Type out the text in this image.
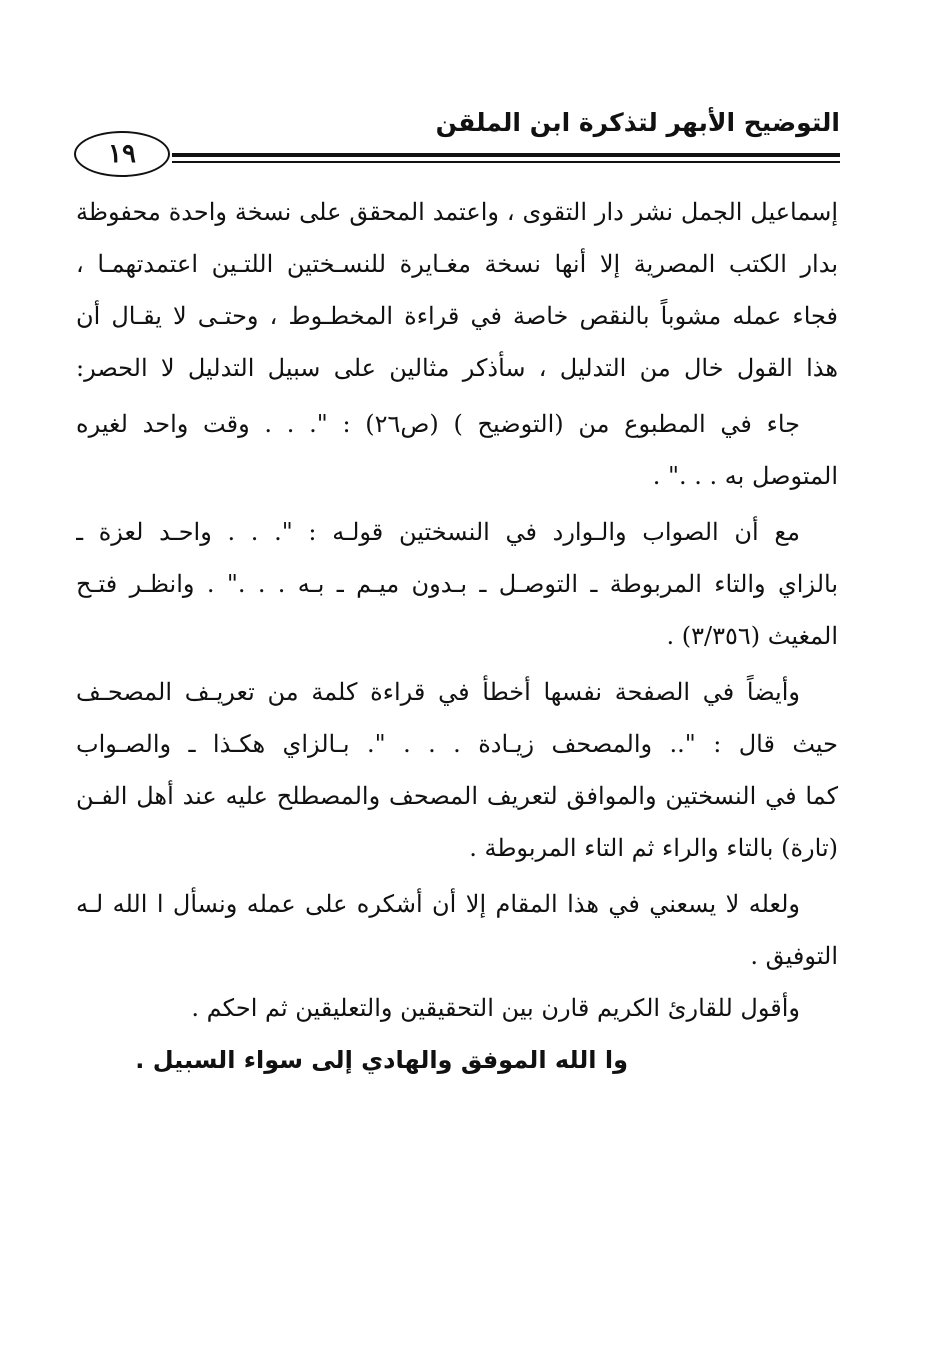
التوضيح الأبهر لتذكرة ابن الملقن
١٩
إسماعيل الجمل نشر دار التقوى ، واعتمد المحقق على نسخة واحدة محفوظة
بدار الكتب المصرية إلا أنها نسخة مغـايرة للنسـختين اللتـين اعتمدتهمـا ،
فجاء عمله مشوباً بالنقص خاصة في قراءة المخطـوط ، وحتـى لا يقـال أن
هذا القول خال من التدليل ، سأذكر مثالين على سبيل التدليل لا الحصر:
جاء في المطبوع من (التوضيح ) (ص٢٦) : ". . . وقت واحد لغيره
المتوصل به . . ." .
مع أن الصواب والـوارد في النسختين قولـه : ". . . واحـد لعزة ـ
بالزاي والتاء المربوطة ـ التوصـل ـ بـدون ميـم ـ بـه . . ." . وانظـر فتـح
المغيث (٣/٣٥٦) .
وأيضاً في الصفحة نفسها أخطأ في قراءة كلمة من تعريـف المصحـف
حيث قال : ".. والمصحف زيـادة . . . ". بـالزاي هكـذا ـ والصـواب
كما في النسختين والموافق لتعريف المصحف والمصطلح عليه عند أهل الفـن
(تارة) بالتاء والراء ثم التاء المربوطة .
ولعله لا يسعني في هذا المقام إلا أن أشكره على عمله ونسأل ا الله لـه
التوفيق .
وأقول للقارئ الكريم قارن بين التحقيقين والتعليقين ثم احكم .
وا الله الموفق والهادي إلى سواء السبيل .
